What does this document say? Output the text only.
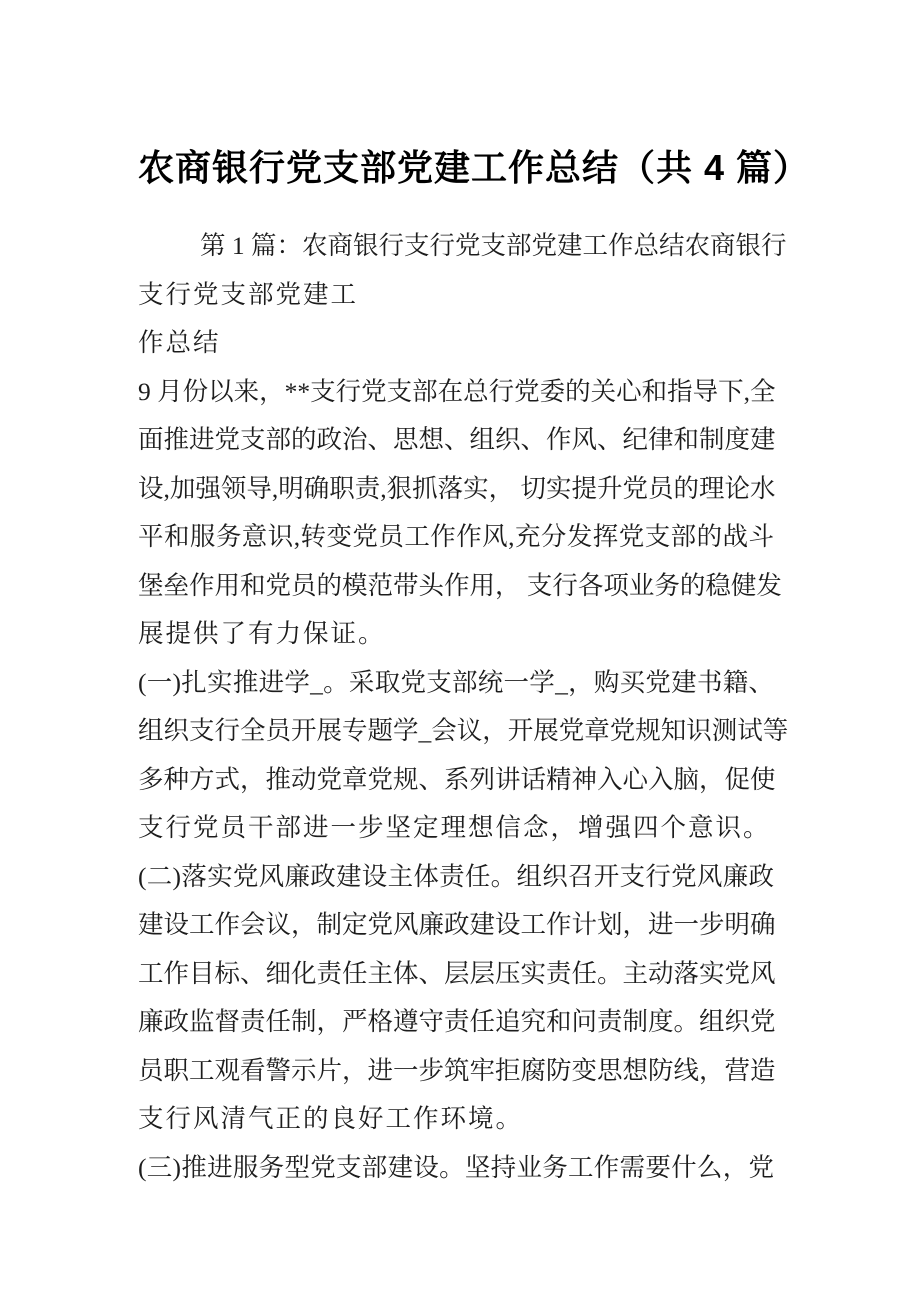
农商银行党支部党建工作总结（共 4 篇）
第 1 篇：农商银行支行党支部党建工作总结农商银行
支行党支部党建工
作总结
9 月份以来，**支行党支部在总行党委的关心和指导下,全
面推进党支部的政治、思想、组织、作风、纪律和制度建
设,加强领导,明确职责,狠抓落实， 切实提升党员的理论水
平和服务意识,转变党员工作作风,充分发挥党支部的战斗
堡垒作用和党员的模范带头作用， 支行各项业务的稳健发
展提供了有力保证。
(一)扎实推进学_。采取党支部统一学_，购买党建书籍、
组织支行全员开展专题学_会议，开展党章党规知识测试等
多种方式，推动党章党规、系列讲话精神入心入脑，促使
支行党员干部进一步坚定理想信念，增强四个意识。
(二)落实党风廉政建设主体责任。组织召开支行党风廉政
建设工作会议，制定党风廉政建设工作计划，进一步明确
工作目标、细化责任主体、层层压实责任。主动落实党风
廉政监督责任制，严格遵守责任追究和问责制度。组织党
员职工观看警示片，进一步筑牢拒腐防变思想防线，营造
支行风清气正的良好工作环境。
(三)推进服务型党支部建设。坚持业务工作需要什么，党
